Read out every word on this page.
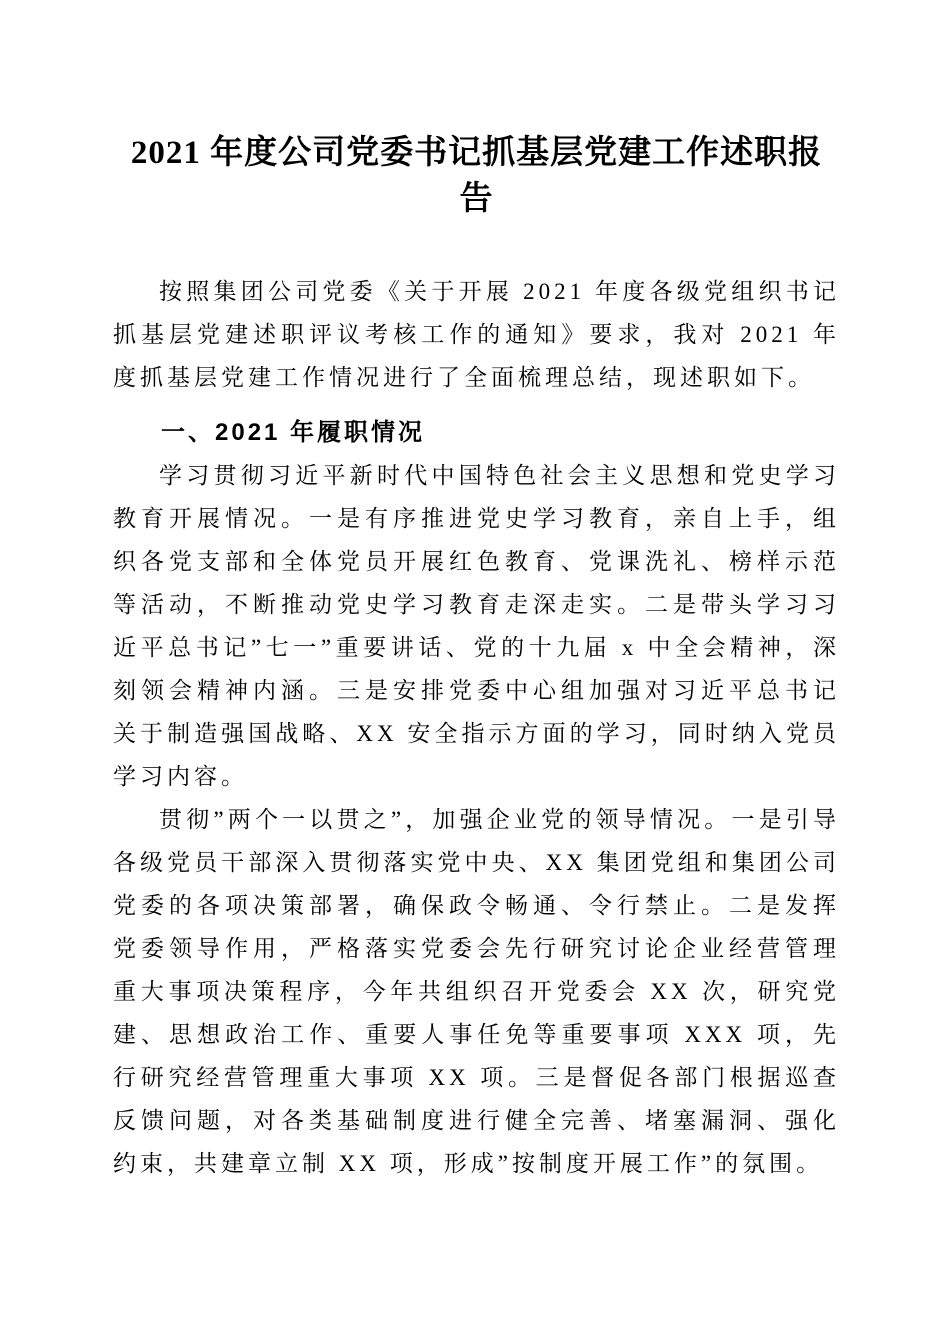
2021 年度公司党委书记抓基层党建工作述职报告

按照集团公司党委《关于开展 2021 年度各级党组织书记抓基层党建述职评议考核工作的通知》要求，我对 2021 年度抓基层党建工作情况进行了全面梳理总结，现述职如下。

一、2021 年履职情况

学习贯彻习近平新时代中国特色社会主义思想和党史学习教育开展情况。一是有序推进党史学习教育，亲自上手，组织各党支部和全体党员开展红色教育、党课洗礼、榜样示范等活动，不断推动党史学习教育走深走实。二是带头学习习近平总书记”七一”重要讲话、党的十九届 x 中全会精神，深刻领会精神内涵。三是安排党委中心组加强对习近平总书记关于制造强国战略、XX 安全指示方面的学习，同时纳入党员学习内容。

贯彻”两个一以贯之”，加强企业党的领导情况。一是引导各级党员干部深入贯彻落实党中央、XX 集团党组和集团公司党委的各项决策部署，确保政令畅通、令行禁止。二是发挥党委领导作用，严格落实党委会先行研究讨论企业经营管理重大事项决策程序，今年共组织召开党委会 XX 次，研究党建、思想政治工作、重要人事任免等重要事项 XXX 项，先行研究经营管理重大事项 XX 项。三是督促各部门根据巡查反馈问题，对各类基础制度进行健全完善、堵塞漏洞、强化约束，共建章立制 XX 项，形成”按制度开展工作”的氛围。
